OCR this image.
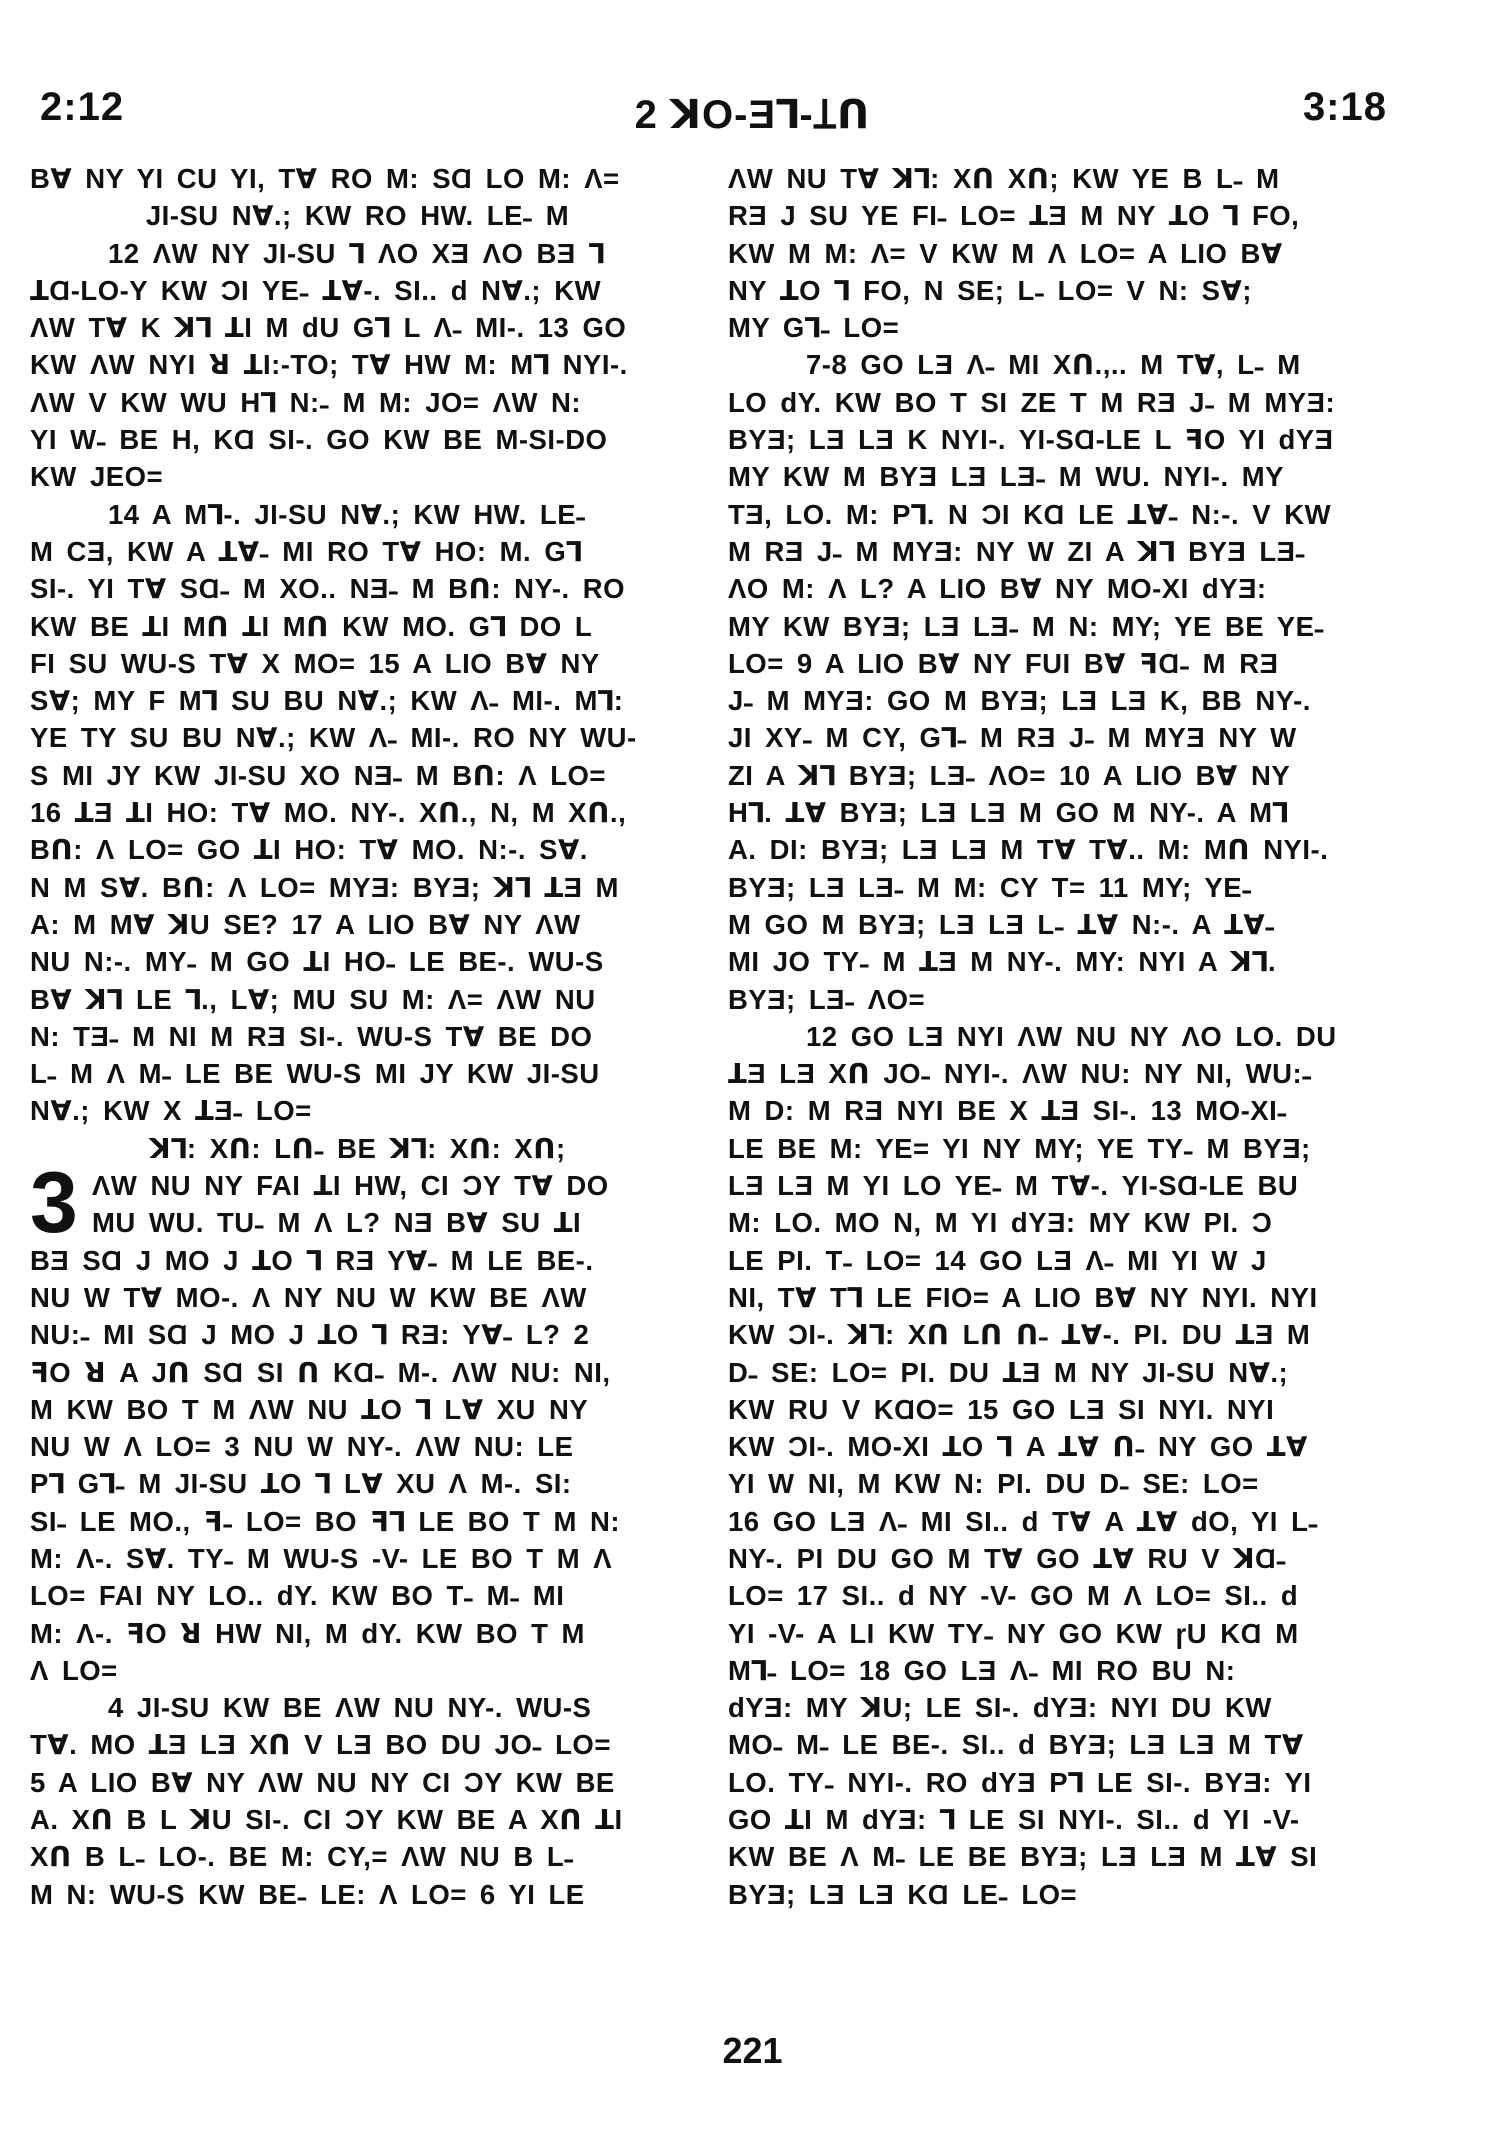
2:12	2 ꓘO-Ǝꓶ-Ʇꓵ	3:18
Bꓯ NY YI CU YI, Tꓯ RO M: SⱭ LO M: Ʌ=
JI-SU Nꓯ.; KW RO HW. LE˗ M
12 ɅW NY JI-SU ꓶ ɅO XƎ ɅO BƎ ꓶ
ꓕⱭ-LO-Y KW Ɔ​I YE˗ ꓕꓯ-. SI.. d Nꓯ.; KW
ɅW Tꓯ K ꓘꓶ ꓕI M dU Gꓶ L Ʌ˗ MI-. 13 GO
KW ɅW NYI ꓤ ꓕI:-TO; Tꓯ HW M: Mꓶ NYI-.
ɅW V KW WU Hꓶ N:˗ M M: JO= ɅW N:
YI W˗ BE H, KⱭ SI-. GO KW BE M-SI-DO
KW JEO=
14 A Mꓶ-. JI-SU Nꓯ.; KW HW. LE˗
M CƎ, KW A ꓕꓯ˗ MI RO Tꓯ HO: M. Gꓶ
SI-. YI Tꓯ SⱭ˗ M XO.. NƎ˗ M Bꓵ: NY-. RO
KW BE ꓕI Mꓵ ꓕI Mꓵ KW MO. Gꓶ DO L
FI SU WU-S Tꓯ X MO= 15 A LIO Bꓯ NY
Sꓯ; MY F Mꓶ SU BU Nꓯ.; KW Ʌ˗ MI-. Mꓶ:
YE TY SU BU Nꓯ.; KW Ʌ˗ MI-. RO NY WU-
S MI JY KW JI-SU XO NƎ˗ M Bꓵ: Ʌ LO=
16 ꓕƎ ꓕI HO: Tꓯ MO. NY-. Xꓵ., N, M Xꓵ.,
Bꓵ: Ʌ LO= GO ꓕI HO: Tꓯ MO. N:-. Sꓯ.
N M Sꓯ. Bꓵ: Ʌ LO= MYƎ: BYƎ; ꓘꓶ ꓕƎ M
A: M Mꓯ ꓘU SE? 17 A LIO Bꓯ NY ɅW
NU N:-. MY˗ M GO ꓕI HO˗ LE BE-. WU-S
Bꓯ ꓘꓶ LE ꓶ., Lꓯ; MU SU M: Ʌ= ɅW NU
N: TƎ˗ M NI M RƎ SI-. WU-S Tꓯ BE DO
L˗ M Ʌ M˗ LE BE WU-S MI JY KW JI-SU
Nꓯ.; KW X ꓕƎ˗ LO=
ꓘꓶ: Xꓵ: Lꓵ˗ BE ꓘꓶ: Xꓵ: Xꓵ;
3 ɅW NU NY FAI ꓕI HW, CI ƆY Tꓯ DO
MU WU. TU˗ M Ʌ L? NƎ Bꓯ SU ꓕI
BƎ SⱭ J MO J ꓕO ꓶ RƎ Yꓯ˗ M LE BE-.
NU W Tꓯ MO-. Ʌ NY NU W KW BE ɅW
NU:˗ MI SⱭ J MO J ꓕO ꓶ RƎ: Yꓯ˗ L? 2
ꟻO ꓤ A Jꓵ SⱭ SI ꓵ KⱭ˗ M-. ɅW NU: NI,
M KW BO T M ɅW NU ꓕO ꓶ Lꓯ XU NY
NU W Ʌ LO= 3 NU W NY-. ɅW NU: LE
Pꓶ Gꓶ˗ M JI-SU ꓕO ꓶ Lꓯ XU Ʌ M-. SI:
SI˗ LE MO., ꟻ˗ LO= BO ꟻꓶ LE BO T M N:
M: Ʌ-. Sꓯ. TY˗ M WU-S -V- LE BO T M Ʌ
LO= FAI NY LO.. dY. KW BO T˗ M˗ MI
M: Ʌ-. ꟻO ꓤ HW NI, M dY. KW BO T M
Ʌ LO=
4 JI-SU KW BE ɅW NU NY-. WU-S
Tꓯ. MO ꓕƎ LƎ Xꓵ V LƎ BO DU JO˗ LO=
5 A LIO Bꓯ NY ɅW NU NY CI ƆY KW BE
A. Xꓵ B L ꓘU SI-. CI ƆY KW BE A Xꓵ ꓕI
Xꓵ B L˗ LO-. BE M: CY,= ɅW NU B L˗
M N: WU-S KW BE˗ LE: Ʌ LO= 6 YI LE
ɅW NU Tꓯ ꓘꓶ: Xꓵ Xꓵ; KW YE B L˗ M
RƎ J SU YE FI˗ LO= ꓕƎ M NY ꓕO ꓶ FO,
KW M M: Ʌ= V KW M Ʌ LO= A LIO Bꓯ
NY ꓕO ꓶ FO, N SE; L˗ LO= V N: Sꓯ;
MY Gꓶ˗ LO=
7-8 GO LƎ Ʌ˗ MI Xꓵ.,.. M Tꓯ, L˗ M
LO dY. KW BO T SI ZE T M RƎ J˗ M MYƎ:
BYƎ; LƎ LƎ K NYI-. YI-SⱭ-LE L ꟻO YI dYƎ
MY KW M BYƎ LƎ LƎ˗ M WU. NYI-. MY
TƎ, LO. M: Pꓶ. N Ɔ​I KⱭ LE ꓕꓯ˗ N:-. V KW
M RƎ J˗ M MYƎ: NY W ZI A ꓘꓶ BYƎ LƎ˗
ɅO M: Ʌ L? A LIO Bꓯ NY MO-XI dYƎ:
MY KW BYƎ; LƎ LƎ˗ M N: MY; YE BE YE˗
LO= 9 A LIO Bꓯ NY FUI Bꓯ ꟻⱭ˗ M RƎ
J˗ M MYƎ: GO M BYƎ; LƎ LƎ K, BB NY-.
JI XY˗ M CY, Gꓶ˗ M RƎ J˗ M MYƎ NY W
ZI A ꓘꓶ BYƎ; LƎ˗ ɅO= 10 A LIO Bꓯ NY
Hꓶ. ꓕꓯ BYƎ; LƎ LƎ M GO M NY-. A Mꓶ
A. DI: BYƎ; LƎ LƎ M Tꓯ Tꓯ.. M: Mꓵ NYI-.
BYƎ; LƎ LƎ˗ M M: CY T= 11 MY; YE˗
M GO M BYƎ; LƎ LƎ L˗ ꓕꓯ N:-. A ꓕꓯ˗
MI JO TY˗ M ꓕƎ M NY-. MY: NYI A ꓘꓶ.
BYƎ; LƎ˗ ɅO=
12 GO LƎ NYI ɅW NU NY ɅO LO. DU
ꓕƎ LƎ Xꓵ JO˗ NYI-. ɅW NU: NY NI, WU:˗
M D: M RƎ NYI BE X ꓕƎ SI-. 13 MO-XI˗
LE BE M: YE= YI NY MY; YE TY˗ M BYƎ;
LƎ LƎ M YI LO YE˗ M Tꓯ-. YI-SⱭ-LE BU
M: LO. MO N, M YI dYƎ: MY KW PI. Ɔ
LE PI. T˗ LO= 14 GO LƎ Ʌ˗ MI YI W J
NI, Tꓯ Tꓶ LE FIO= A LIO Bꓯ NY NYI. NYI
KW Ɔ​I-. ꓘꓶ: Xꓵ Lꓵ ꓵ˗ ꓕꓯ-. PI. DU ꓕƎ M
D˗ SE: LO= PI. DU ꓕƎ M NY JI-SU Nꓯ.;
KW RU V KⱭO= 15 GO LƎ SI NYI. NYI
KW Ɔ​I-. MO-XI ꓕO ꓶ A ꓕꓯ ꓵ˗ NY GO ꓕꓯ
YI W NI, M KW N: PI. DU D˗ SE: LO=
16 GO LƎ Ʌ˗ MI SI.. d Tꓯ A ꓕꓯ dO, YI L˗
NY-. PI DU GO M Tꓯ GO ꓕꓯ RU V ꓘⱭ˗
LO= 17 SI.. d NY -V- GO M Ʌ LO= SI.. d
YI -V- A LI KW TY˗ NY GO KW ɼU KⱭ M
Mꓶ˗ LO= 18 GO LƎ Ʌ˗ MI RO BU N:
dYƎ: MY ꓘU; LE SI-. dYƎ: NYI DU KW
MO˗ M˗ LE BE-. SI.. d BYƎ; LƎ LƎ M Tꓯ
LO. TY˗ NYI-. RO dYƎ Pꓶ LE SI-. BYƎ: YI
GO ꓕI M dYƎ: ꓶ LE SI NYI-. SI.. d YI -V-
KW BE Ʌ M˗ LE BE BYƎ; LƎ LƎ M ꓕꓯ SI
BYƎ; LƎ LƎ KⱭ LE˗ LO=
221
